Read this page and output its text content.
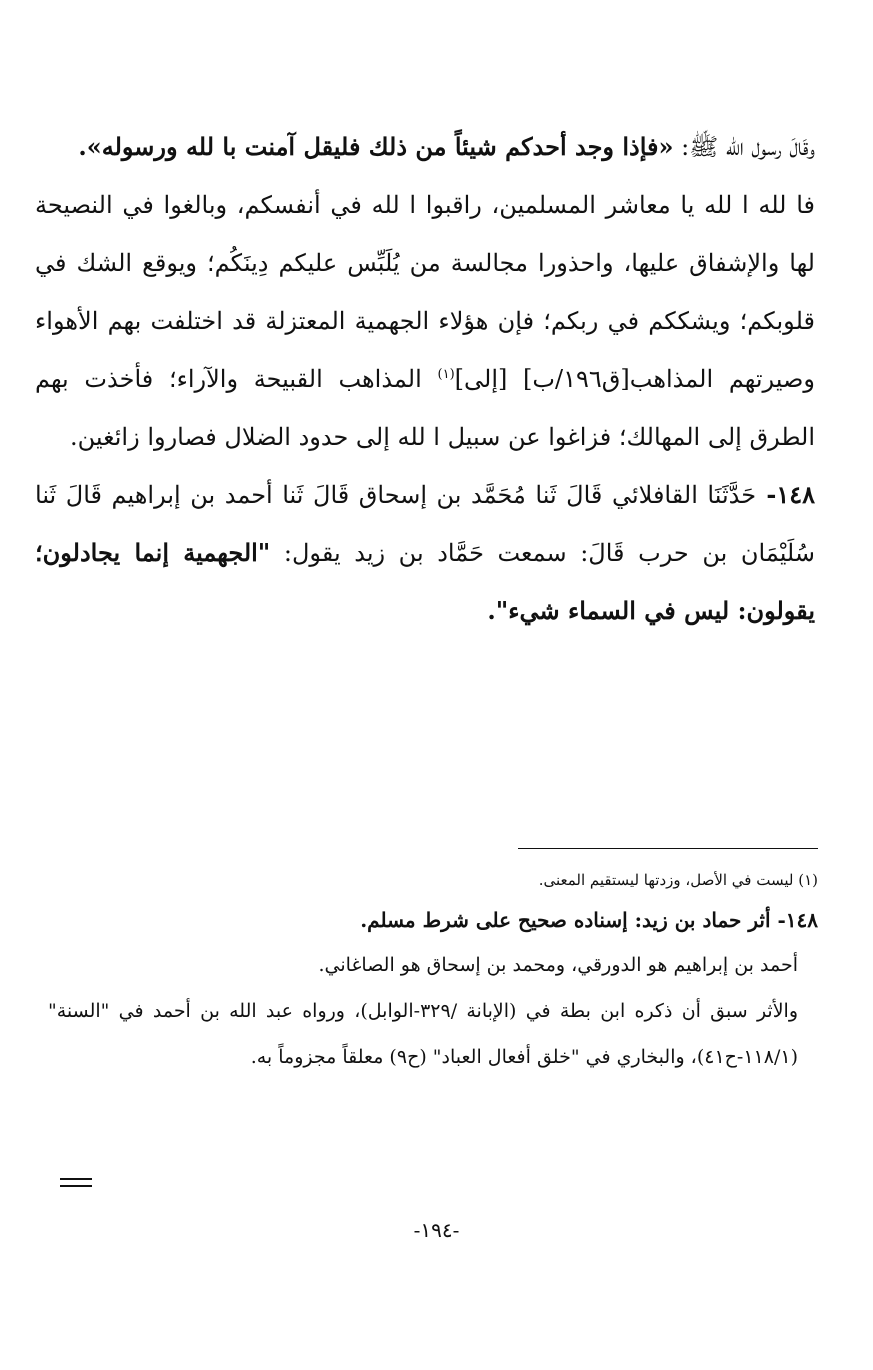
وقَالَ رسول الله ﷺ: «فإذا وجد أحدكم شيئاً من ذلك فليقل آمنت با لله ورسوله».

فا لله ا لله يا معاشر المسلمين، راقبوا ا لله في أنفسكم، وبالغوا في النصيحة لها والإشفاق عليها، واحذورا مجالسة من يُلَبِّس عليكم دِينَكُم؛ ويوقع الشك في قلوبكم؛ ويشككم في ربكم؛ فإن هؤلاء الجهمية المعتزلة قد اختلفت بهم الأهواء وصيرتهم المذاهب[ق١٩٦/ب] [إلى]$^{(١)}$ المذاهب القبيحة والآراء؛ فأخذت بهم الطرق إلى المهالك؛ فزاغوا عن سبيل ا لله إلى حدود الضلال فصاروا زائغين.

١٤٨- حَدَّثَنَا القافلائي قَالَ ثَنا مُحَمَّد بن إسحاق قَالَ ثَنا أحمد بن إبراهيم قَالَ ثَنا سُلَيْمَان بن حرب قَالَ: سمعت حَمَّاد بن زيد يقول: "الجهمية إنما يجادلون؛ يقولون: ليس في السماء شيء".

(١) ليست في الأصل، وزدتها ليستقيم المعنى.

١٤٨- أثر حماد بن زيد: إسناده صحيح على شرط مسلم.

أحمد بن إبراهيم هو الدورقي، ومحمد بن إسحاق هو الصاغاني.

والأثر سبق أن ذكره ابن بطة في (الإبانة /٣٢٩-الوابل)، ورواه عبد الله بن أحمد في "السنة" (١١٨/١-ح٤١)، والبخاري في "خلق أفعال العباد" (ح٩) معلقاً مجزوماً به.

-١٩٤-
